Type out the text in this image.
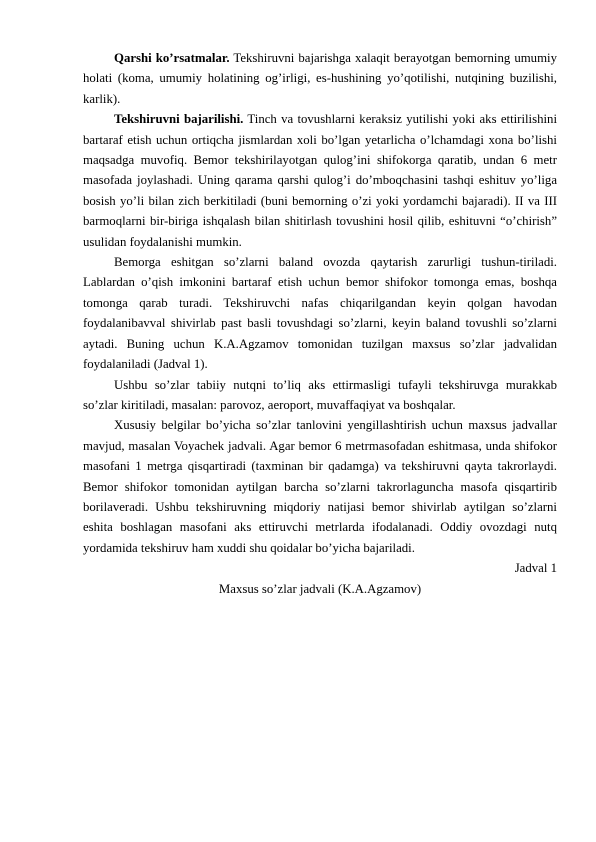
Qarshi ko’rsatmalar. Tekshiruvni bajarishga xalaqit berayotgan bemorning umumiy holati (koma, umumiy holatining og’irligi, es-hushining yo’qotilishi, nutqining buzilishi, karlik).

Tekshiruvni bajarilishi. Tinch va tovushlarni keraksiz yutilishi yoki aks ettirilishini bartaraf etish uchun ortiqcha jismlardan xoli bo’lgan yetarlicha o’lchamdagi xona bo’lishi maqsadga muvofiq. Bemor tekshirilayotgan qulog’ini shifokorga qaratib, undan 6 metr masofada joylashadi. Uning qarama qarshi qulog’i do’mboqchasini tashqi eshituv yo’liga bosish yo’li bilan zich berkitiladi (buni bemorning o’zi yoki yordamchi bajaradi). II va III barmoqlarni bir-biriga ishqalash bilan shitirlash tovushini hosil qilib, eshituvni “o’chirish” usulidan foydalanishi mumkin.

Bemorga eshitgan so’zlarni baland ovozda qaytarish zarurligi tushun-tiriladi. Lablardan o’qish imkonini bartaraf etish uchun bemor shifokor tomonga emas, boshqa tomonga qarab turadi. Tekshiruvchi nafas chiqarilgandan keyin qolgan havodan foydalanibavval shivirlab past basli tovushdagi so’zlarni, keyin baland tovushli so’zlarni aytadi. Buning uchun K.A.Agzamov tomonidan tuzilgan maxsus so’zlar jadvalidan foydalaniladi (Jadval 1).

Ushbu so’zlar tabiiy nutqni to’liq aks ettirmasligi tufayli tekshiruvga murakkab so’zlar kiritiladi, masalan: parovoz, aeroport, muvaffaqiyat va boshqalar.

Xususiy belgilar bo’yicha so’zlar tanlovini yengillashtirish uchun maxsus jadvallar mavjud, masalan Voyachek jadvali. Agar bemor 6 metrmasofadan eshitmasa, unda shifokor masofani 1 metrga qisqartiradi (taxminan bir qadamga) va tekshiruvni qayta takrorlaydi. Bemor shifokor tomonidan aytilgan barcha so’zlarni takrorlaguncha masofa qisqartirib borilaveradi. Ushbu tekshiruvning miqdoriy natijasi bemor shivirlab aytilgan so’zlarni eshita boshlagan masofani aks ettiruvchi metrlarda ifodalanadi. Oddiy ovozdagi nutq yordamida tekshiruv ham xuddi shu qoidalar bo’yicha bajariladi.

Jadval 1

Maxsus so’zlar jadvali (K.A.Agzamov)
